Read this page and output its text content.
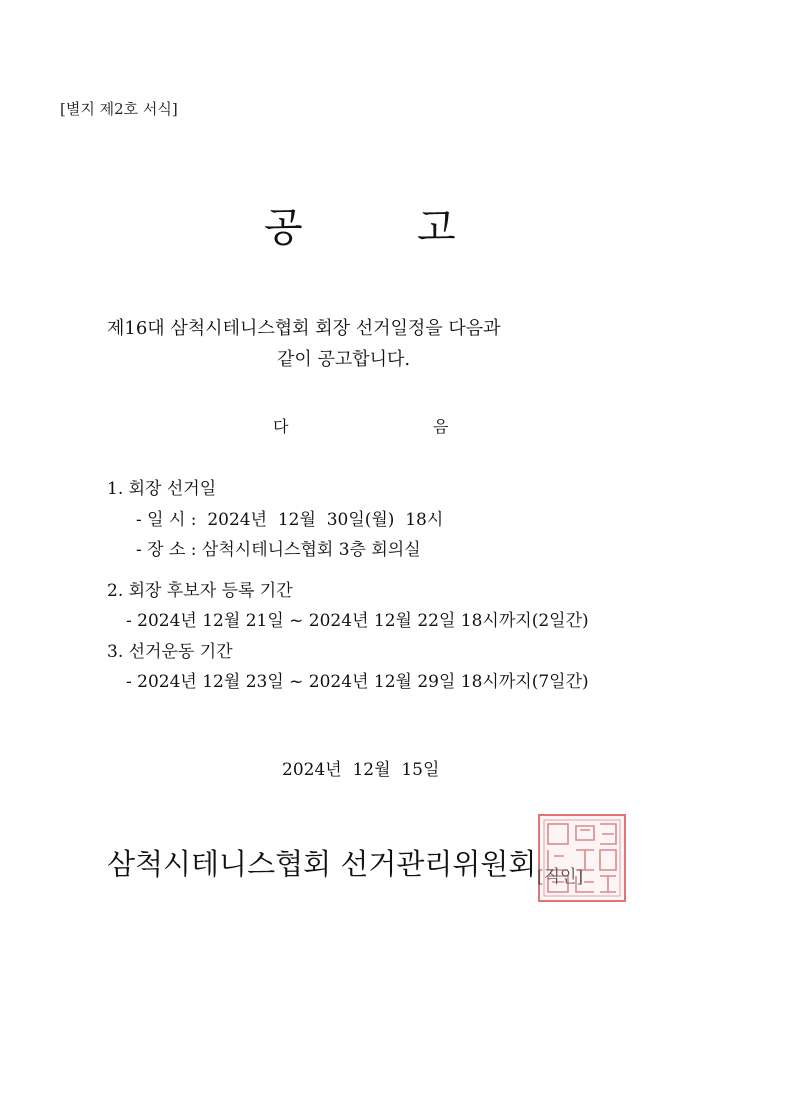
[별지 제2호 서식]
공	고
제16대 삼척시테니스협회 회장 선거일정을 다음과
같이 공고합니다.
다	음
1. 회장 선거일
- 일 시 :  2024년  12월  30일(월)  18시
- 장 소 : 삼척시테니스협회 3층 회의실
2. 회장 후보자 등록 기간
- 2024년 12월 21일 ~ 2024년 12월 22일 18시까지(2일간)
3. 선거운동 기간
- 2024년 12월 23일 ~ 2024년 12월 29일 18시까지(7일간)
2024년  12월  15일
삼척시테니스협회 선거관리위원회 [직인]
